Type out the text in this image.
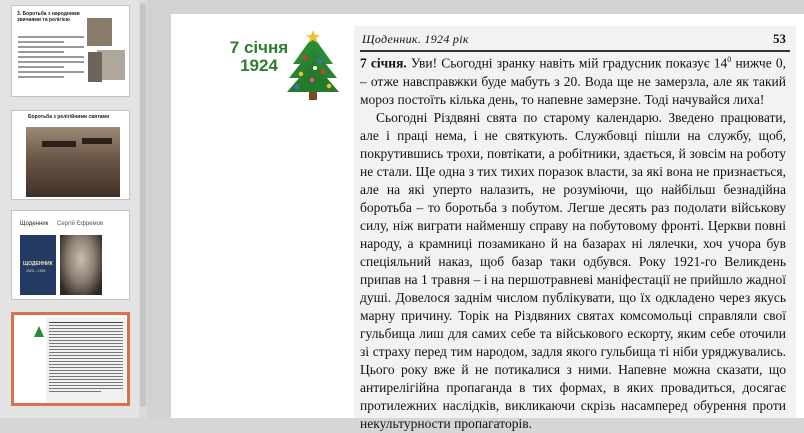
3. Боротьба з народними звичаями та релігією
Боротьба з релігійними святами
Щоденник Сергій Єфремов
ЩОДЕННИК
1923 – 1929
7 січня
1924
Щоденник. 1924 рік	53

7 січня. Уви! Сьогодні зранку навіть мій градусник показує $14^0$ нижче 0, – отже навсправжки буде мабуть з 20. Вода ще не замерзла, але як такий мороз постоїть кілька день, то напевне замерзне. Тоді начувайся лиха!

Сьогодні Різдвяні свята по старому календарю. Зведено працювати, але і праці нема, і не святкують. Службовці пішли на службу, щоб, покрутившись трохи, повтікати, а робітники, здається, й зовсім на роботу не стали. Ще одна з тих тихих поразок власти, за які вона не признається, але на які уперто налазить, не розуміючи, що найбільш безнадійна боротьба – то боротьба з побутом. Легше десять раз подолати військову силу, ніж виграти найменшу справу на побутовому фронті. Церкви повні народу, а крамниці позамикано й на базарах ні лялечки, хоч учора був спеціяльний наказ, щоб базар таки одбувся. Року 1921-го Великдень припав на 1 травня – і на першотравневі маніфестації не прийшло жадної душі. Довелося заднім числом публікувати, що їх одкладено через якусь марну причину. Торік на Різдвяних святах комсомольці справляли свої гульбища лиш для самих себе та військового ескорту, яким себе оточили зі страху перед тим народом, задля якого гульбища ті ніби уряджувались. Цього року вже й не потикалися з ними. Напевне можна сказати, що антирелігійна пропаганда в тих формах, в яких провадиться, досягає протилежних наслідків, викликаючи скрізь насамперед обурення проти некультурности пропагаторів.
